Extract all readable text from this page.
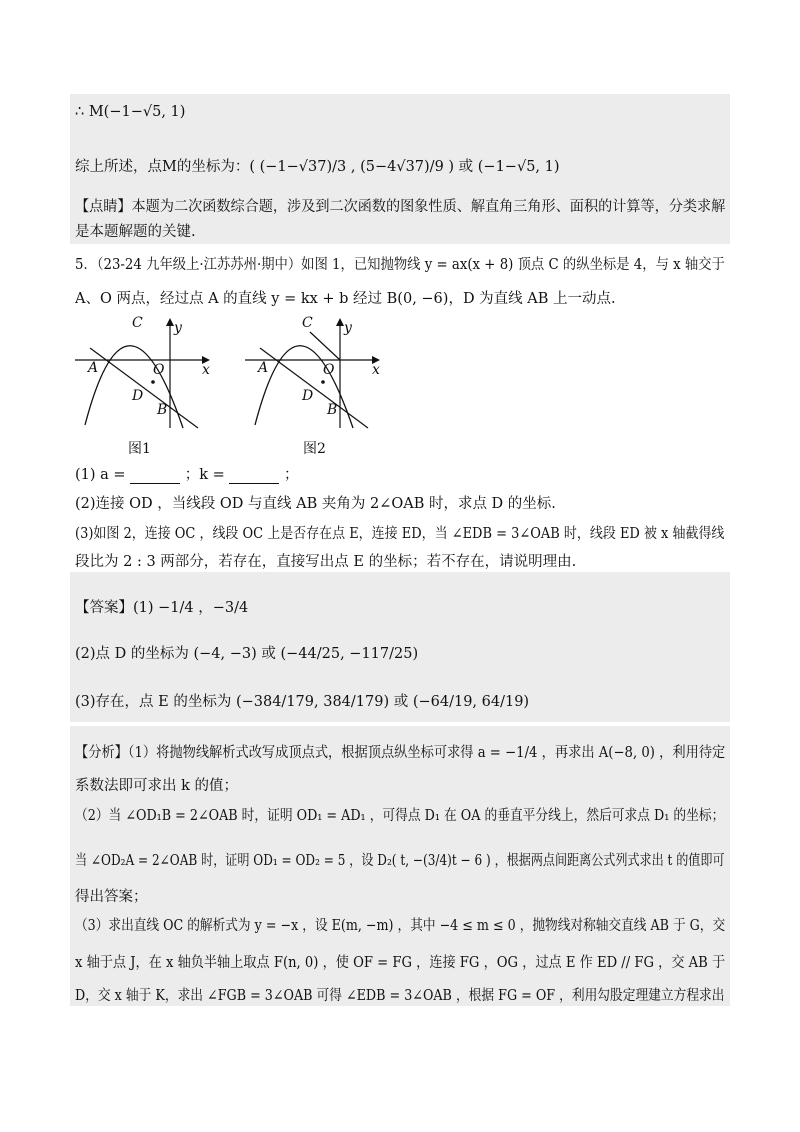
∴ M(−1−√5, 1)
综上所述，点M的坐标为：( (−1−√37)/3 , (5−4√37)/9 ) 或 (−1−√5, 1)
【点睛】本题为二次函数综合题，涉及到二次函数的图象性质、解直角三角形、面积的计算等，分类求解
是本题解题的关键.
5．（23-24 九年级上·江苏苏州·期中）如图 1，已知抛物线 y = ax(x + 8) 顶点 C 的纵坐标是 4，与 x 轴交于
A、O 两点，经过点 A 的直线 y = kx + b 经过 B(0, −6)，D 为直线 AB 上一动点.
C y
A	O	x
D
B
图1
C y
A	O	x
D
B
图2
(1) a =	；k =	；
(2)连接 OD ，当线段 OD 与直线 AB 夹角为 2∠OAB 时，求点 D 的坐标.
(3)如图 2，连接 OC ，线段 OC 上是否存在点 E，连接 ED，当 ∠EDB = 3∠OAB 时，线段 ED 被 x 轴截得线
段比为 2 : 3 两部分，若存在，直接写出点 E 的坐标；若不存在，请说明理由.
【答案】(1) −1/4 ，−3/4
(2)点 D 的坐标为 (−4, −3) 或 (−44/25, −117/25)
(3)存在，点 E 的坐标为 (−384/179, 384/179) 或 (−64/19, 64/19)
【分析】（1）将抛物线解析式改写成顶点式，根据顶点纵坐标可求得 a = −1/4 ，再求出 A(−8, 0) ，利用待定
系数法即可求出 k 的值；
（2）当 ∠OD₁B = 2∠OAB 时，证明 OD₁ = AD₁ ，可得点 D₁ 在 OA 的垂直平分线上，然后可求点 D₁ 的坐标；
当 ∠OD₂A = 2∠OAB 时，证明 OD₁ = OD₂ = 5 ，设 D₂( t, −(3/4)t − 6 ) ，根据两点间距离公式列式求出 t 的值即可
得出答案；
（3）求出直线 OC 的解析式为 y = −x ，设 E(m, −m) ，其中 −4 ≤ m ≤ 0 ，抛物线对称轴交直线 AB 于 G，交
x 轴于点 J，在 x 轴负半轴上取点 F(n, 0) ，使 OF = FG ，连接 FG ，OG ，过点 E 作 ED // FG ，交 AB 于
D，交 x 轴于 K，求出 ∠FGB = 3∠OAB 可得 ∠EDB = 3∠OAB ，根据 FG = OF ，利用勾股定理建立方程求出
